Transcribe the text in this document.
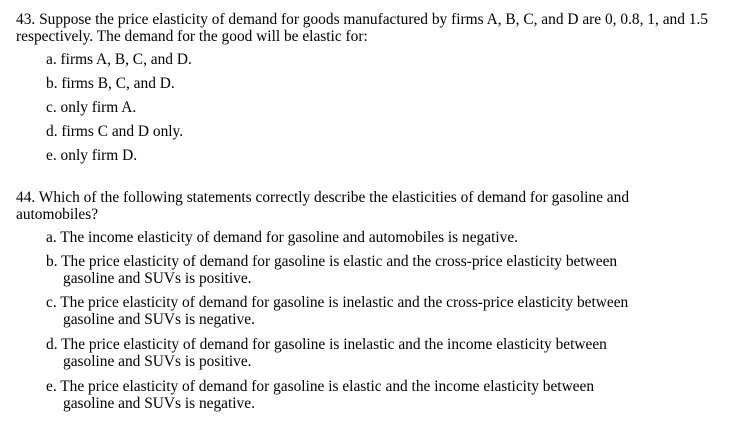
43. Suppose the price elasticity of demand for goods manufactured by firms A, B, C, and D are 0, 0.8, 1, and 1.5 respectively. The demand for the good will be elastic for:
a. firms A, B, C, and D.
b. firms B, C, and D.
c. only firm A.
d. firms C and D only.
e. only firm D.
44. Which of the following statements correctly describe the elasticities of demand for gasoline and automobiles?
a. The income elasticity of demand for gasoline and automobiles is negative.
b. The price elasticity of demand for gasoline is elastic and the cross-price elasticity between
gasoline and SUVs is positive.
c. The price elasticity of demand for gasoline is inelastic and the cross-price elasticity between
gasoline and SUVs is negative.
d. The price elasticity of demand for gasoline is inelastic and the income elasticity between
gasoline and SUVs is positive.
e. The price elasticity of demand for gasoline is elastic and the income elasticity between
gasoline and SUVs is negative.
